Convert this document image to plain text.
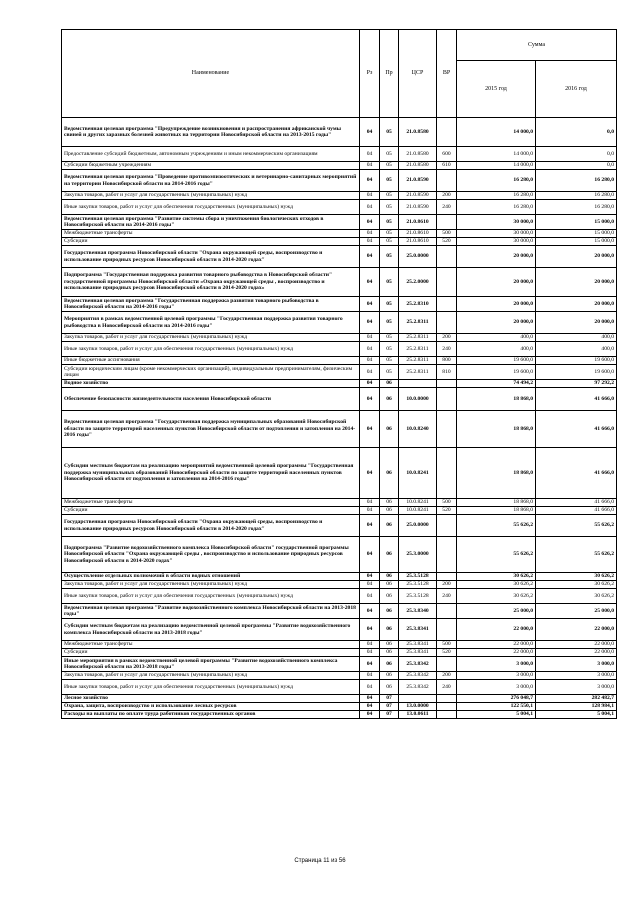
Наименование	Рз	Пр	ЦСР	ВР	Сумма	
					2015 год	2016 год
Ведомственная целевая программа "Предупреждение возникновения и распространения африканской чумы свиней и других заразных болезней животных на территории Новосибирской области на 2013-2015 годы"	04	05	21.0.8580		14 000,0	0,0
Предоставление субсидий бюджетным, автономным учреждениям и иным некоммерческим организациям	04	05	21.0.8580	600	14 000,0	0,0
Субсидии бюджетным учреждениям	04	05	21.0.8580	610	14 000,0	0,0
Ведомственная целевая программа "Проведение противоэпизоотических и ветеринарно-санитарных мероприятий на территории Новосибирской области на 2014-2016 годы"	04	05	21.0.8590		16 280,0	16 280,0
Закупка товаров, работ и услуг для государственных (муниципальных) нужд	04	05	21.0.8590	200	16 280,0	16 280,0
Иные закупки товаров, работ и услуг для обеспечения государственных (муниципальных) нужд	04	05	21.0.8590	240	16 280,0	16 280,0
Ведомственная целевая программа "Развитие системы сбора и уничтожения биологических отходов в Новосибирской области на 2014-2016 годы"	04	05	21.0.8610		30 000,0	15 000,0
Межбюджетные трансферты	04	05	21.0.8610	500	30 000,0	15 000,0
Субсидии	04	05	21.0.8610	520	30 000,0	15 000,0
Государственная программа Новосибирской области "Охрана окружающей среды, воспроизводство и использование природных ресурсов Новосибирской области в 2014-2020 годах"	04	05	25.0.0000		20 000,0	20 000,0
Подпрограмма "Государственная поддержка развития товарного рыбоводства в Новосибирской области" государственной программы Новосибирской области «Охрана окружающей среды , воспроизводство и использование природных ресурсов Новосибирской области в 2014-2020 годах»	04	05	25.2.0000		20 000,0	20 000,0
Ведомственная целевая программа "Государственная поддержка развития товарного рыбоводства в Новосибирской области на 2014-2016 годы"	04	05	25.2.8310		20 000,0	20 000,0
Мероприятия в рамках ведомственной целевой программы "Государственная поддержка развития товарного рыбоводства в Новосибирской области на 2014-2016 годы"	04	05	25.2.8311		20 000,0	20 000,0
Закупка товаров, работ и услуг для государственных (муниципальных) нужд	04	05	25.2.8311	200	400,0	400,0
Иные закупки товаров, работ и услуг для обеспечения государственных (муниципальных) нужд	04	05	25.2.8311	240	400,0	400,0
Иные бюджетные ассигнования	04	05	25.2.8311	800	19 600,0	19 600,0
Субсидии юридическим лицам (кроме некоммерческих организаций), индивидуальным предпринимателям, физическим лицам	04	05	25.2.8311	810	19 600,0	19 600,0
Водное хозяйство	04	06			74 494,2	97 292,2
Обеспечение безопасности жизнедеятельности населения Новосибирской области	04	06	10.0.0000		18 868,0	41 666,0
Ведомственная целевая программа "Государственная поддержка муниципальных образований Новосибирской области по защите территорий населенных пунктов Новосибирской области от подтопления и затопления на 2014-2016 годы"	04	06	10.0.8240		18 868,0	41 666,0
Субсидии местным бюджетам на реализацию мероприятий ведомственной целевой программы "Государственная поддержка муниципальных образований Новосибирской области по защите территорий населенных пунктов Новосибирской области от подтопления и затопления на 2014-2016 годы"	04	06	10.0.8241		18 868,0	41 666,0
Межбюджетные трансферты	04	06	10.0.8241	500	18 868,0	41 666,0
Субсидии	04	06	10.0.8241	520	18 868,0	41 666,0
Государственная программа Новосибирской области "Охрана окружающей среды, воспроизводство и использование природных ресурсов Новосибирской области в 2014-2020 годах"	04	06	25.0.0000		55 626,2	55 626,2
Подпрограмма "Развитие водохозяйственного комплекса Новосибирской области" государственной программы Новосибирской области "Охрана окружающей среды , воспроизводство и использование природных ресурсов Новосибирской области в 2014-2020 годах"	04	06	25.3.0000		55 626,2	55 626,2
Осуществление отдельных полномочий в области водных отношений	04	06	25.3.5128		30 626,2	30 626,2
Закупка товаров, работ и услуг для государственных (муниципальных) нужд	04	06	25.3.5128	200	30 626,2	30 626,2
Иные закупки товаров, работ и услуг для обеспечения государственных (муниципальных) нужд	04	06	25.3.5128	240	30 626,2	30 626,2
Ведомственная целевая программа "Развитие водохозяйственного комплекса Новосибирской области на 2013-2018 годы"	04	06	25.3.8340		25 000,0	25 000,0
Субсидии местным бюджетам на реализацию ведомственной целевой программы "Развитие водохозяйственного комплекса Новосибирской области на 2013-2018 годы"	04	06	25.3.8341		22 000,0	22 000,0
Межбюджетные трансферты	04	06	25.3.8341	500	22 000,0	22 000,0
Субсидии	04	06	25.3.8341	520	22 000,0	22 000,0
Иные мероприятия в рамках ведомственной целевой программы "Развитие водохозяйственного комплекса Новосибирской области на 2013-2018 годы"	04	06	25.3.8342		3 000,0	3 000,0
Закупка товаров, работ и услуг для государственных (муниципальных) нужд	04	06	25.3.8342	200	3 000,0	3 000,0
Иные закупки товаров, работ и услуг для обеспечения государственных (муниципальных) нужд	04	06	25.3.8342	240	3 000,0	3 000,0
Лесное хозяйство	04	07			276 048,7	282 482,7
Охрана, защита, воспроизводство и использование лесных ресурсов	04	07	13.0.0000		122 550,1	128 984,1
Расходы на выплаты по оплате труда работников государственных органов	04	07	13.0.0611		5 004,1	5 004,1
Страница 11 из 56
